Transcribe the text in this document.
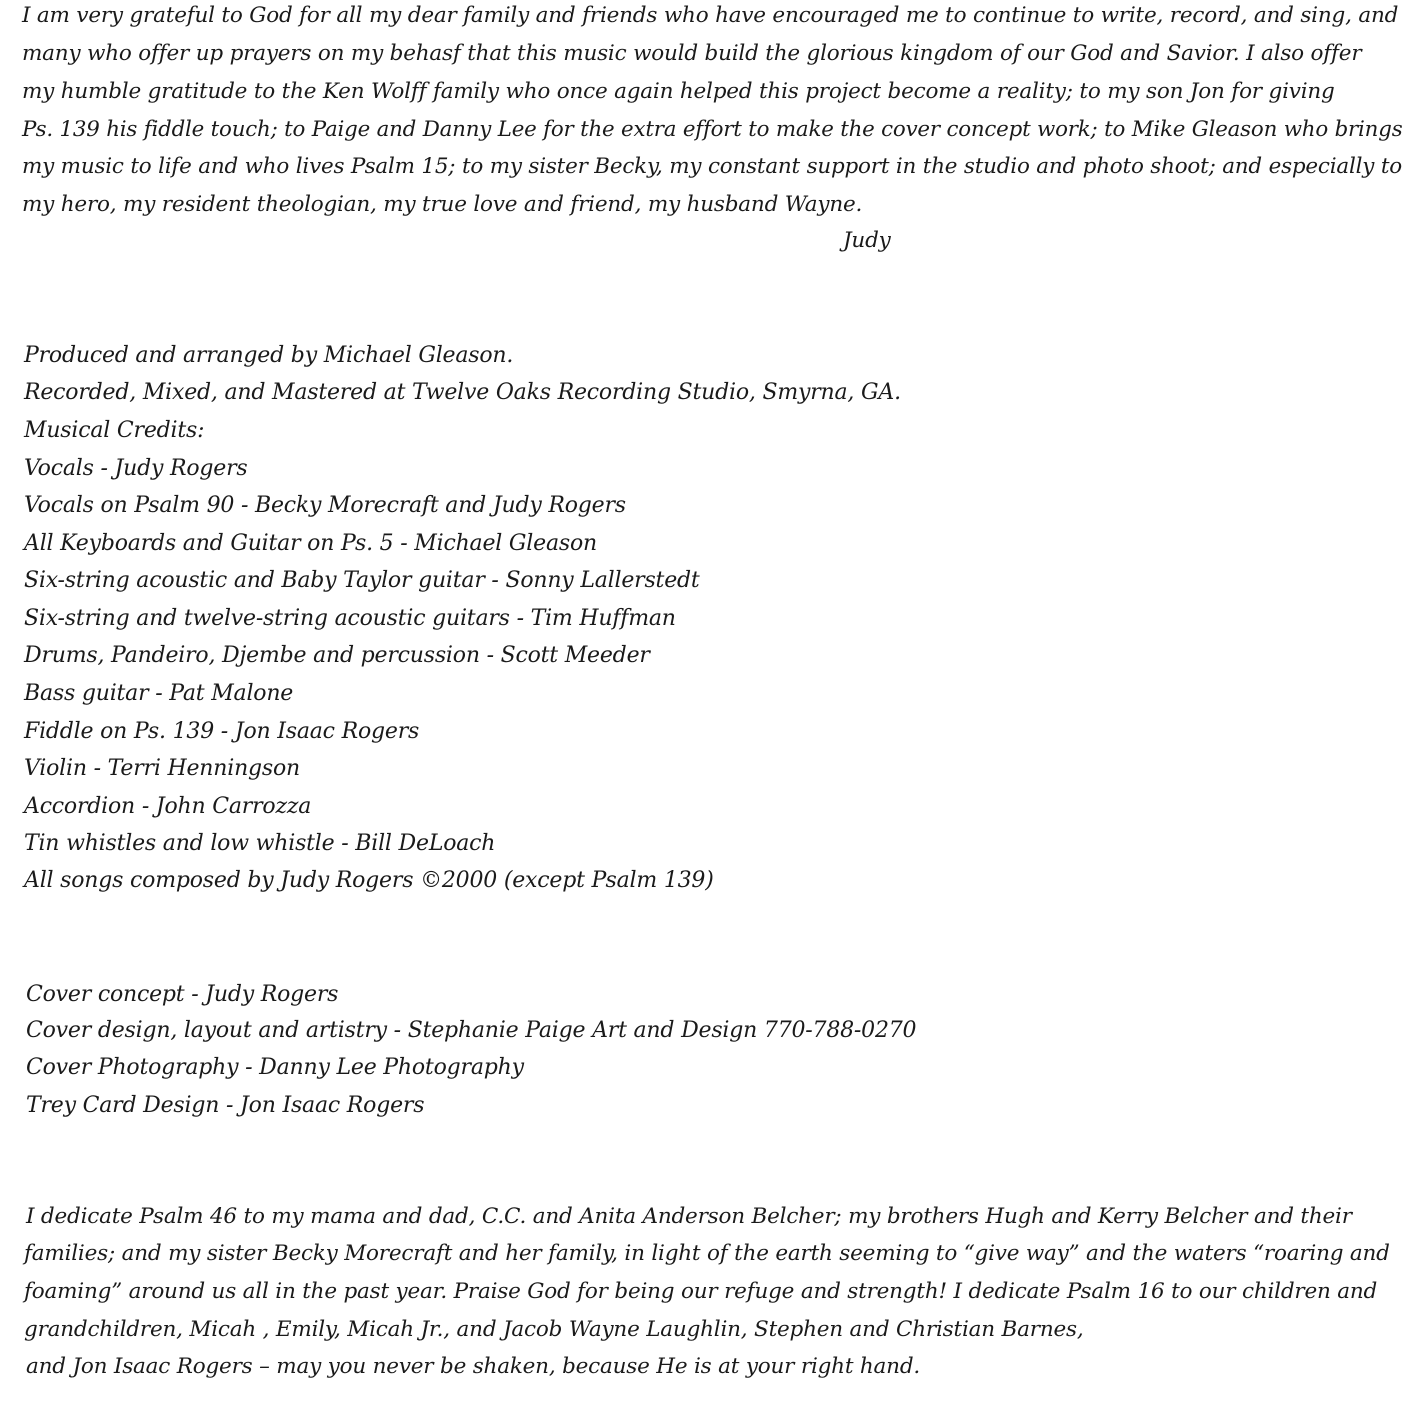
I am very grateful to God for all my dear family and friends who have encouraged me to continue to write, record, and sing, and
many who offer up prayers on my behasf that this music would build the glorious kingdom of our God and Savior. I also offer
my humble gratitude to the Ken Wolff family who once again helped this project become a reality; to my son Jon for giving
Ps. 139 his fiddle touch; to Paige and Danny Lee for the extra effort to make the cover concept work; to Mike Gleason who brings
my music to life and who lives Psalm 15; to my sister Becky, my constant support in the studio and photo shoot; and especially to
my hero, my resident theologian, my true love and friend, my husband Wayne.
Judy
Produced and arranged by Michael Gleason.
Recorded, Mixed, and Mastered at Twelve Oaks Recording Studio, Smyrna, GA.
Musical Credits:
Vocals - Judy Rogers
Vocals on Psalm 90 - Becky Morecraft and Judy Rogers
All Keyboards and Guitar on Ps. 5 - Michael Gleason
Six-string acoustic and Baby Taylor guitar - Sonny Lallerstedt
Six-string and twelve-string acoustic guitars - Tim Huffman
Drums, Pandeiro, Djembe and percussion - Scott Meeder
Bass guitar - Pat Malone
Fiddle on Ps. 139 - Jon Isaac Rogers
Violin - Terri Henningson
Accordion - John Carrozza
Tin whistles and low whistle - Bill DeLoach
All songs composed by Judy Rogers ©2000 (except Psalm 139)
Cover concept - Judy Rogers
Cover design, layout and artistry - Stephanie Paige Art and Design 770-788-0270
Cover Photography - Danny Lee Photography
Trey Card Design - Jon Isaac Rogers
I dedicate Psalm 46 to my mama and dad, C.C. and Anita Anderson Belcher; my brothers Hugh and Kerry Belcher and their
families; and my sister Becky Morecraft and her family, in light of the earth seeming to “give way” and the waters “roaring and
foaming” around us all in the past year. Praise God for being our refuge and strength! I dedicate Psalm 16 to our children and
grandchildren, Micah , Emily, Micah Jr., and Jacob Wayne Laughlin, Stephen and Christian Barnes,
and Jon Isaac Rogers – may you never be shaken, because He is at your right hand.
